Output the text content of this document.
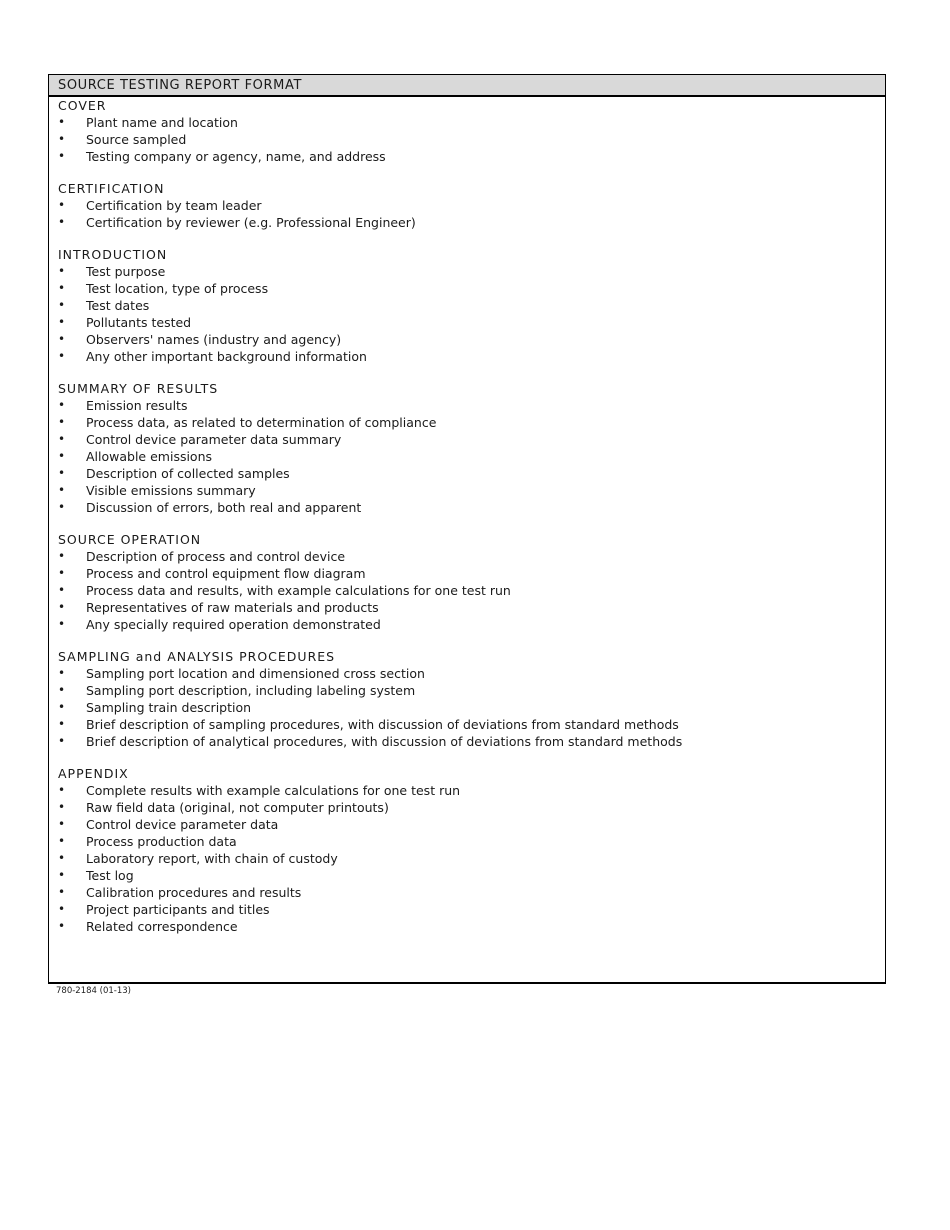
SOURCE TESTING REPORT FORMAT
COVER
• Plant name and location
• Source sampled
• Testing company or agency, name, and address
CERTIFICATION
• Certification by team leader
• Certification by reviewer (e.g. Professional Engineer)
INTRODUCTION
• Test purpose
• Test location, type of process
• Test dates
• Pollutants tested
• Observers' names (industry and agency)
• Any other important background information
SUMMARY OF RESULTS
• Emission results
• Process data, as related to determination of compliance
• Control device parameter data summary
• Allowable emissions
• Description of collected samples
• Visible emissions summary
• Discussion of errors, both real and apparent
SOURCE OPERATION
• Description of process and control device
• Process and control equipment flow diagram
• Process data and results, with example calculations for one test run
• Representatives of raw materials and products
• Any specially required operation demonstrated
SAMPLING and ANALYSIS PROCEDURES
• Sampling port location and dimensioned cross section
• Sampling port description, including labeling system
• Sampling train description
• Brief description of sampling procedures, with discussion of deviations from standard methods
• Brief description of analytical procedures, with discussion of deviations from standard methods
APPENDIX
• Complete results with example calculations for one test run
• Raw field data (original, not computer printouts)
• Control device parameter data
• Process production data
• Laboratory report, with chain of custody
• Test log
• Calibration procedures and results
• Project participants and titles
• Related correspondence
780-2184 (01-13)
